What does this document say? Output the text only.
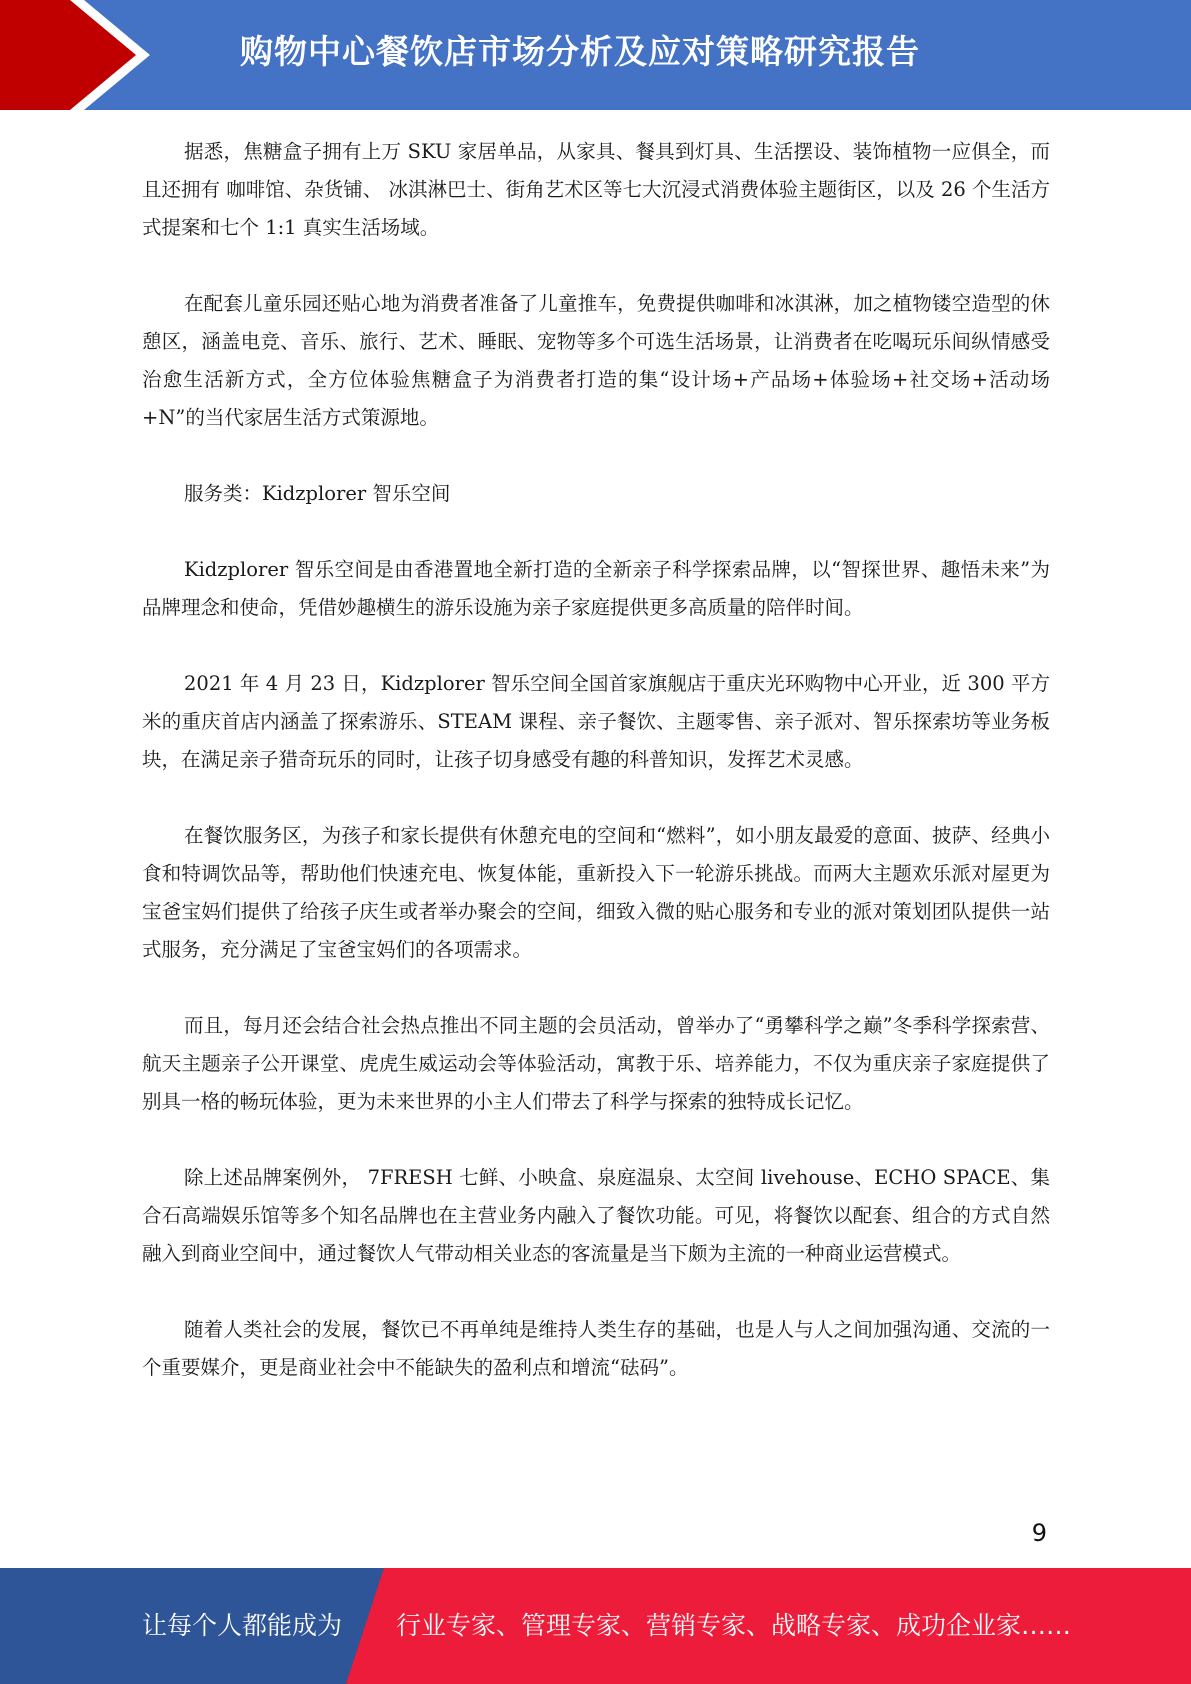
购物中心餐饮店市场分析及应对策略研究报告

据悉，焦糖盒子拥有上万 SKU 家居单品，从家具、餐具到灯具、生活摆设、装饰植物一应俱全，而且还拥有 咖啡馆、杂货铺、 冰淇淋巴士、街角艺术区等七大沉浸式消费体验主题街区，以及 26 个生活方式提案和七个 1:1 真实生活场域。

在配套儿童乐园还贴心地为消费者准备了儿童推车，免费提供咖啡和冰淇淋，加之植物镂空造型的休憩区，涵盖电竞、音乐、旅行、艺术、睡眠、宠物等多个可选生活场景，让消费者在吃喝玩乐间纵情感受治愈生活新方式，全方位体验焦糖盒子为消费者打造的集“设计场+产品场+体验场+社交场+活动场+N”的当代家居生活方式策源地。

服务类：Kidzplorer 智乐空间

Kidzplorer 智乐空间是由香港置地全新打造的全新亲子科学探索品牌，以“智探世界、趣悟未来”为品牌理念和使命，凭借妙趣横生的游乐设施为亲子家庭提供更多高质量的陪伴时间。

2021 年 4 月 23 日，Kidzplorer 智乐空间全国首家旗舰店于重庆光环购物中心开业，近 300 平方米的重庆首店内涵盖了探索游乐、STEAM 课程、亲子餐饮、主题零售、亲子派对、智乐探索坊等业务板块，在满足亲子猎奇玩乐的同时，让孩子切身感受有趣的科普知识，发挥艺术灵感。

在餐饮服务区，为孩子和家长提供有休憩充电的空间和“燃料”，如小朋友最爱的意面、披萨、经典小食和特调饮品等，帮助他们快速充电、恢复体能，重新投入下一轮游乐挑战。而两大主题欢乐派对屋更为宝爸宝妈们提供了给孩子庆生或者举办聚会的空间，细致入微的贴心服务和专业的派对策划团队提供一站式服务，充分满足了宝爸宝妈们的各项需求。

而且，每月还会结合社会热点推出不同主题的会员活动，曾举办了“勇攀科学之巅”冬季科学探索营、航天主题亲子公开课堂、虎虎生威运动会等体验活动，寓教于乐、培养能力，不仅为重庆亲子家庭提供了别具一格的畅玩体验，更为未来世界的小主人们带去了科学与探索的独特成长记忆。

除上述品牌案例外， 7FRESH 七鲜、小映盒、泉庭温泉、太空间 livehouse、ECHO SPACE、集合石高端娱乐馆等多个知名品牌也在主营业务内融入了餐饮功能。可见，将餐饮以配套、组合的方式自然融入到商业空间中，通过餐饮人气带动相关业态的客流量是当下颇为主流的一种商业运营模式。

随着人类社会的发展，餐饮已不再单纯是维持人类生存的基础，也是人与人之间加强沟通、交流的一个重要媒介，更是商业社会中不能缺失的盈利点和增流“砝码”。

9
让每个人都能成为 行业专家、管理专家、营销专家、战略专家、成功企业家……
